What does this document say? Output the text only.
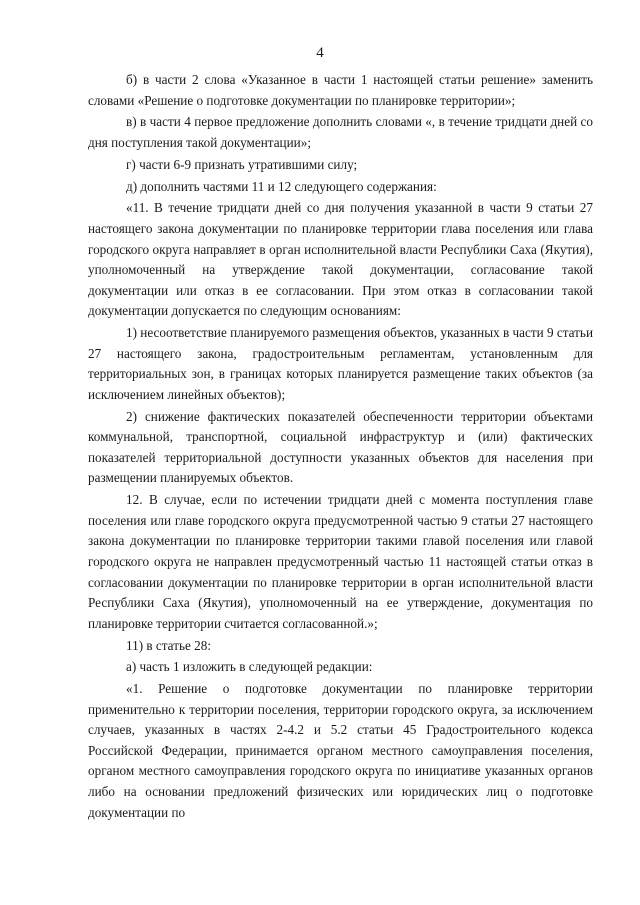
4

б) в части 2 слова «Указанное в части 1 настоящей статьи решение» заменить словами «Решение о подготовке документации по планировке территории»;

в) в части 4 первое предложение дополнить словами «, в течение тридцати дней со дня поступления такой документации»;

г) части 6-9 признать утратившими силу;

д) дополнить частями 11 и 12 следующего содержания:

«11. В течение тридцати дней со дня получения указанной в части 9 статьи 27 настоящего закона документации по планировке территории глава поселения или глава городского округа направляет в орган исполнительной власти Республики Саха (Якутия), уполномоченный на утверждение такой документации, согласование такой документации или отказ в ее согласовании. При этом отказ в согласовании такой документации допускается по следующим основаниям:

1) несоответствие планируемого размещения объектов, указанных в части 9 статьи 27 настоящего закона, градостроительным регламентам, установленным для территориальных зон, в границах которых планируется размещение таких объектов (за исключением линейных объектов);

2) снижение фактических показателей обеспеченности территории объектами коммунальной, транспортной, социальной инфраструктур и (или) фактических показателей территориальной доступности указанных объектов для населения при размещении планируемых объектов.

12. В случае, если по истечении тридцати дней с момента поступления главе поселения или главе городского округа предусмотренной частью 9 статьи 27 настоящего закона документации по планировке территории такими главой поселения или главой городского округа не направлен предусмотренный частью 11 настоящей статьи отказ в согласовании документации по планировке территории в орган исполнительной власти Республики Саха (Якутия), уполномоченный на ее утверждение, документация по планировке территории считается согласованной.»;

11) в статье 28:

а) часть 1 изложить в следующей редакции:

«1. Решение о подготовке документации по планировке территории применительно к территории поселения, территории городского округа, за исключением случаев, указанных в частях 2-4.2 и 5.2 статьи 45 Градостроительного кодекса Российской Федерации, принимается органом местного самоуправления поселения, органом местного самоуправления городского округа по инициативе указанных органов либо на основании предложений физических или юридических лиц о подготовке документации по
